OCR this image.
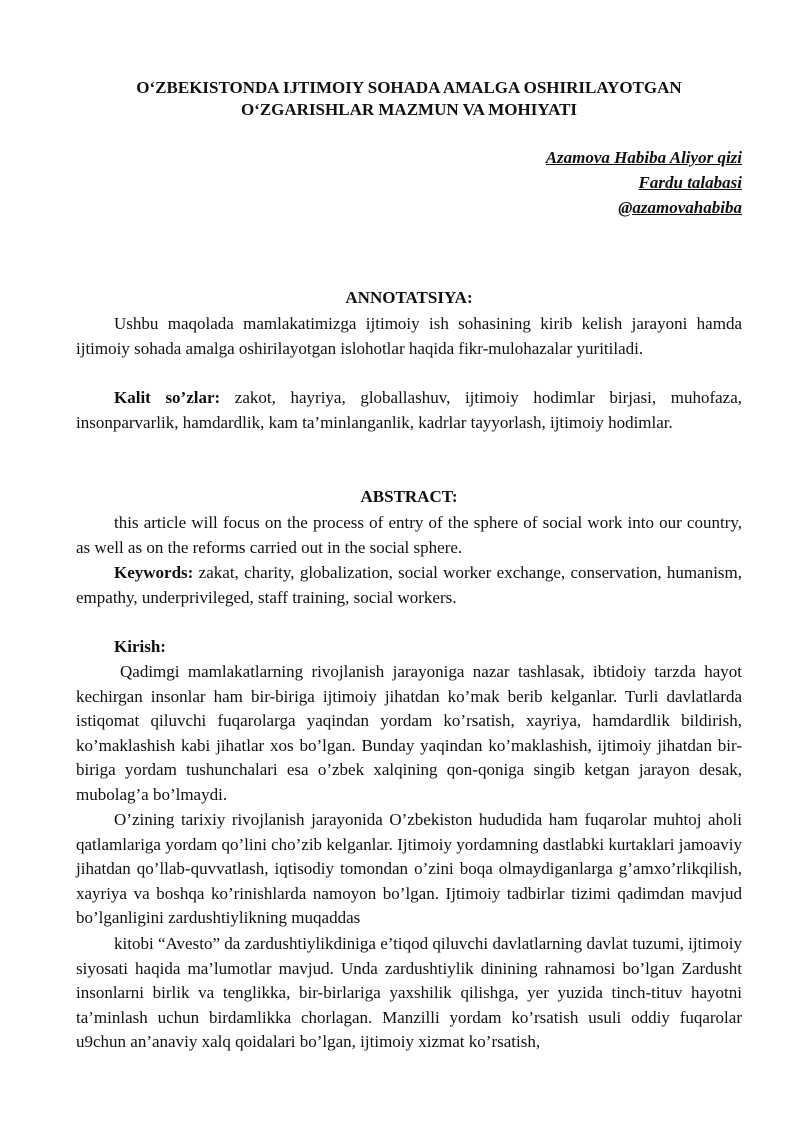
O‘ZBEKISTONDA IJTIMOIY SOHADA AMALGA OSHIRILAYOTGAN
O‘ZGARISHLAR MAZMUN VA MOHIYATI
Azamova Habiba Aliyor qizi
Fardu talabasi
@azamovahabiba
ANNOTATSIYA:

Ushbu maqolada mamlakatimizga ijtimoiy ish sohasining kirib kelish jarayoni hamda ijtimoiy sohada amalga oshirilayotgan islohotlar haqida fikr-mulohazalar yuritiladi.

Kalit so’zlar: zakot, hayriya, globallashuv, ijtimoiy hodimlar birjasi, muhofaza, insonparvarlik, hamdardlik, kam ta’minlanganlik, kadrlar tayyorlash, ijtimoiy hodimlar.

ABSTRACT:

this article will focus on the process of entry of the sphere of social work into our country, as well as on the reforms carried out in the social sphere.

Keywords: zakat, charity, globalization, social worker exchange, conservation, humanism, empathy, underprivileged, staff training, social workers.

Kirish:

Qadimgi mamlakatlarning rivojlanish jarayoniga nazar tashlasak, ibtidoiy tarzda hayot kechirgan insonlar ham bir-biriga ijtimoiy jihatdan ko’mak berib kelganlar. Turli davlatlarda istiqomat qiluvchi fuqarolarga yaqindan yordam ko’rsatish, xayriya, hamdardlik bildirish, ko’maklashish kabi jihatlar xos bo’lgan. Bunday yaqindan ko’maklashish, ijtimoiy jihatdan bir-biriga yordam tushunchalari esa o’zbek xalqining qon-qoniga singib ketgan jarayon desak, mubolag’a bo’lmaydi.

O’zining tarixiy rivojlanish jarayonida O’zbekiston hududida ham fuqarolar muhtoj aholi qatlamlariga yordam qo’lini cho’zib kelganlar. Ijtimoiy yordamning dastlabki kurtaklari jamoaviy jihatdan qo’llab-quvvatlash, iqtisodiy tomondan o’zini boqa olmaydiganlarga g’amxo’rlikqilish, xayriya va boshqa ko’rinishlarda namoyon bo’lgan. Ijtimoiy tadbirlar tizimi qadimdan mavjud bo’lganligini zardushtiylikning muqaddas

kitobi “Avesto” da zardushtiylikdiniga e’tiqod qiluvchi davlatlarning davlat tuzumi, ijtimoiy siyosati haqida ma’lumotlar mavjud. Unda zardushtiylik dinining rahnamosi bo’lgan Zardusht insonlarni birlik va tenglikka, bir-birlariga yaxshilik qilishga, yer yuzida tinch-tituv hayotni ta’minlash uchun birdamlikka chorlagan. Manzilli yordam ko’rsatish usuli oddiy fuqarolar u9chun an’anaviy xalq qoidalari bo’lgan, ijtimoiy xizmat ko’rsatish,
